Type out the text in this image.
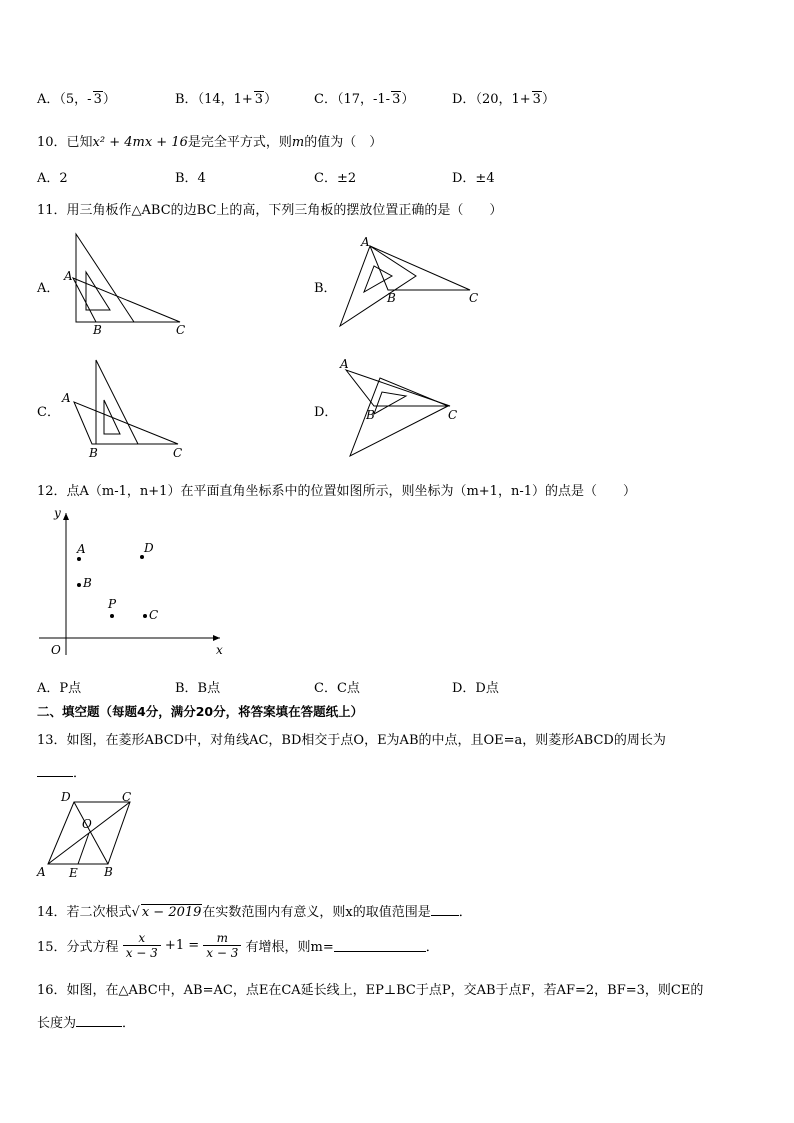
A．（5，- 3）	B．（14，1+ 3）	C．（17，-1- 3）	D．（20，1+ 3）
10．已知x² + 4mx + 16是完全平方式，则m的值为（　）
A．2	B．4	C．±2	D．±4
11．用三角板作△ABC的边BC上的高，下列三角板的摆放位置正确的是（　　）
A．	B．
C．	D．
A
B	C
A
B	C
A
B	C
A
B	C
12．点A（m-1，n+1）在平面直角坐标系中的位置如图所示，则坐标为（m+1，n-1）的点是（　　）
y
x
O
A
B
D
P
C
A．P点	B．B点	C．C点	D．D点
二、填空题（每题4分，满分20分，将答案填在答题纸上）
13．如图，在菱形ABCD中，对角线AC，BD相交于点O，E为AB的中点，且OE=a，则菱形ABCD的周长为
．
D	C
O
A E B
14．若二次根式√ x − 2019在实数范围内有意义，则x的取值范围是 ．
15．分式方程 $\frac{x}{x - 3} +1 = \frac{m}{x - 3}$ 有增根，则m=	．
16．如图，在△ABC中，AB=AC，点E在CA延长线上，EP⊥BC于点P，交AB于点F，若AF=2，BF=3，则CE的
长度为	．
